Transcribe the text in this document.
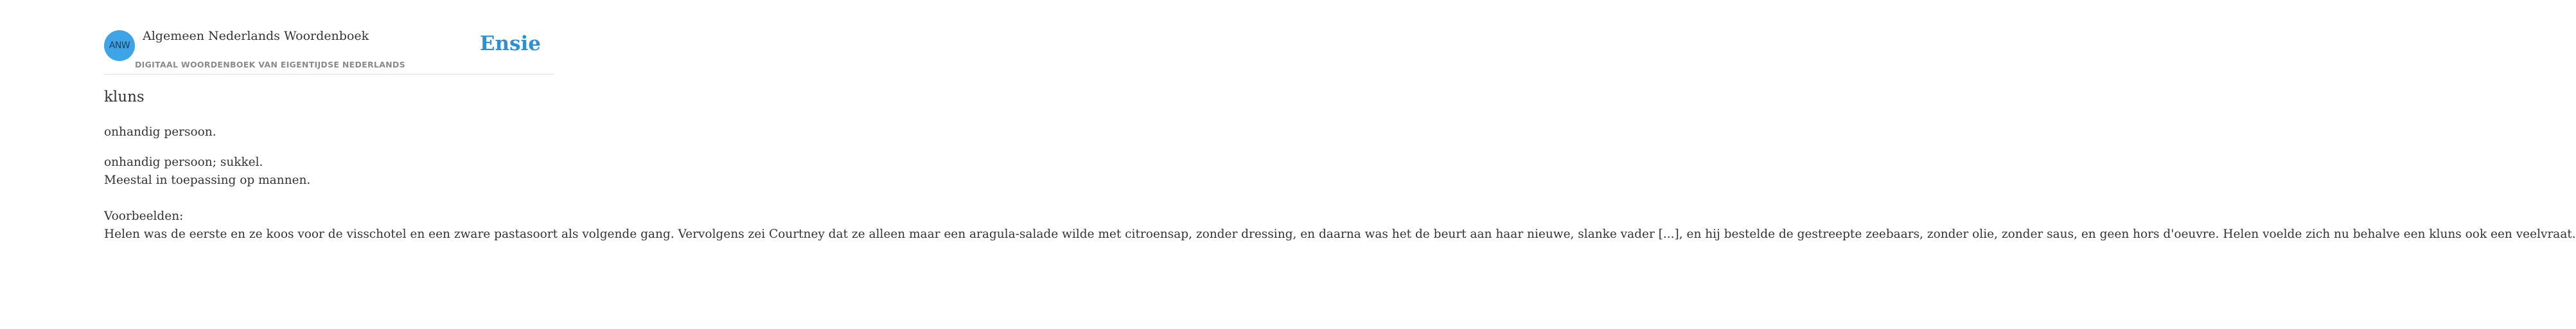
ANW
Algemeen Nederlands Woordenboek
DIGITAAL WOORDENBOEK VAN EIGENTIJDSE NEDERLANDS
Ensie
kluns

onhandig persoon.

onhandig persoon; sukkel.
Meestal in toepassing op mannen.
Voorbeelden:
Helen was de eerste en ze koos voor de visschotel en een zware pastasoort als volgende gang. Vervolgens zei Courtney dat ze alleen maar een aragula-salade wilde met citroensap, zonder dressing, en daarna was het de beurt aan haar nieuwe, slanke vader [...], en hij bestelde de gestreepte zeebaars, zonder olie, zonder saus, en geen hors d'oeuvre. Helen voelde zich nu behalve een kluns ook een veelvraat.
